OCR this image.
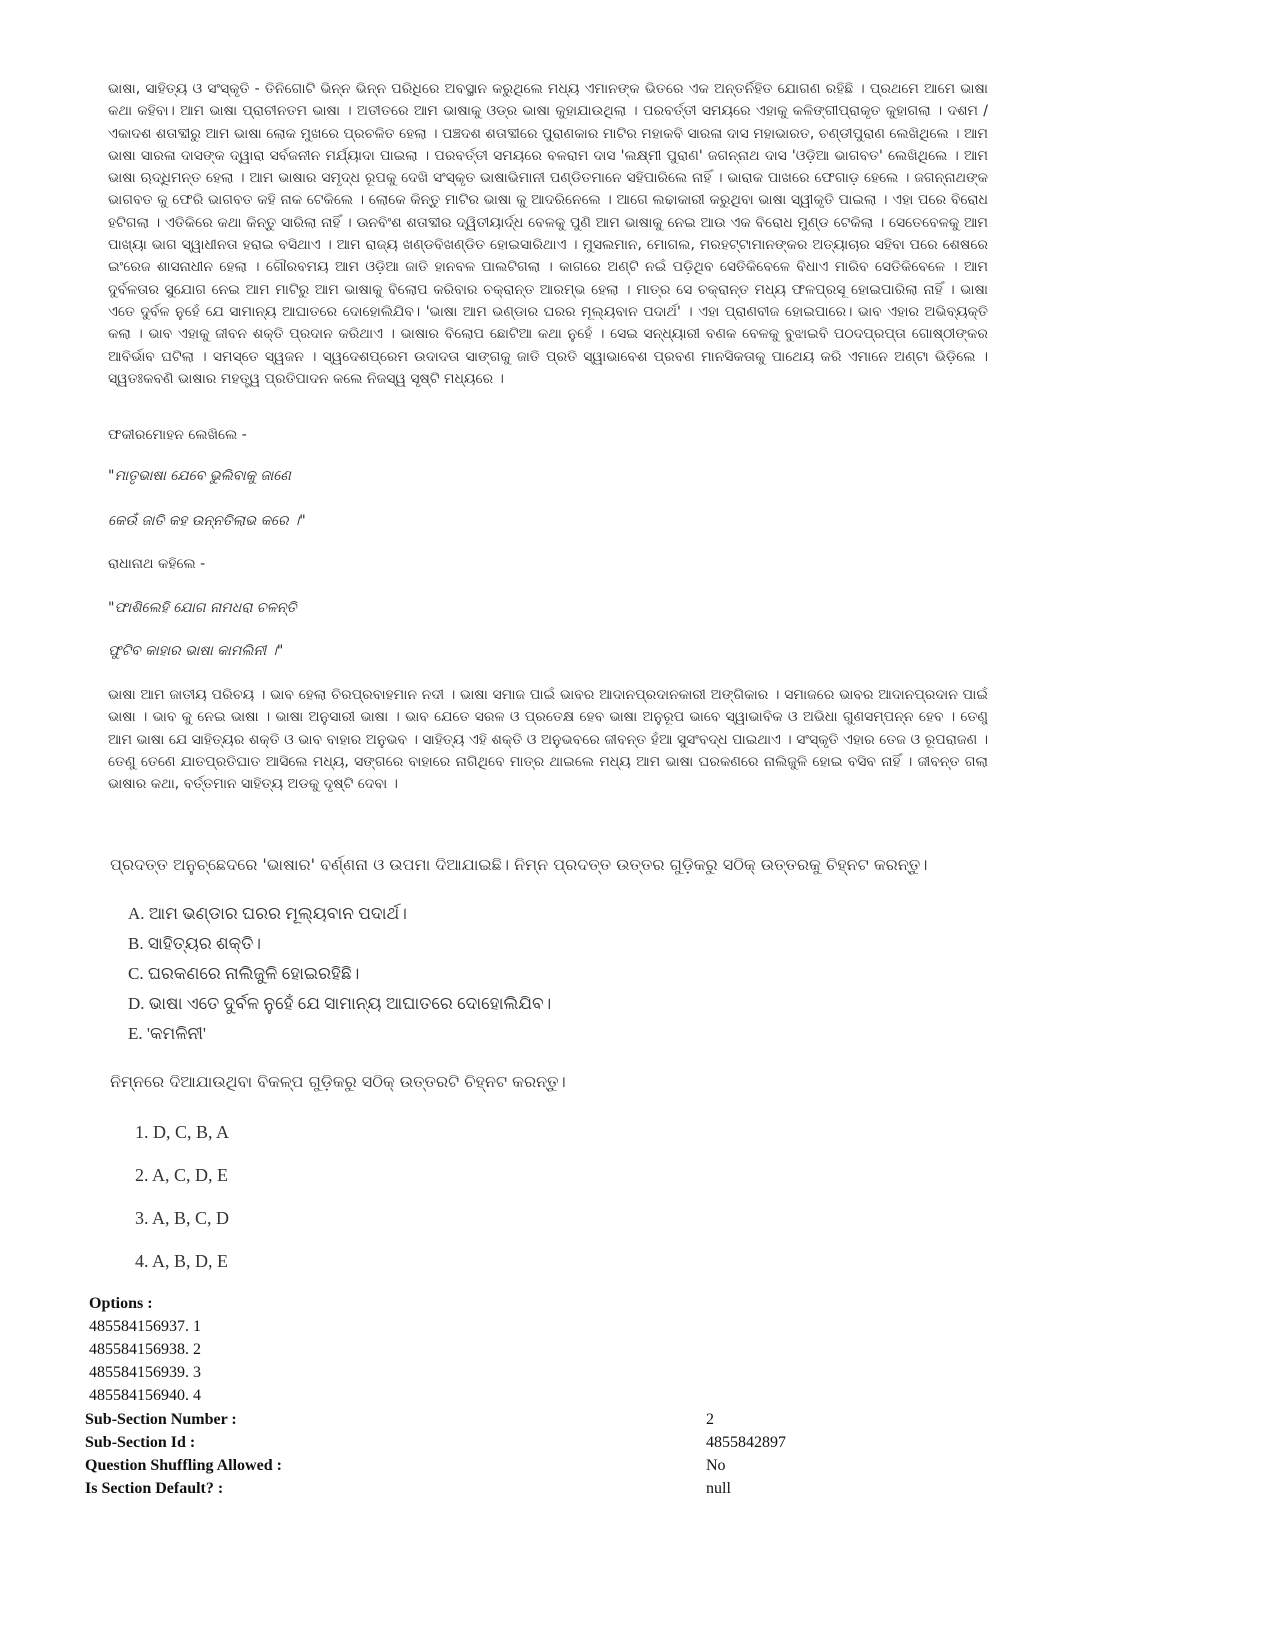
ଭାଷା, ସାହିତ୍ୟ ଓ ସଂସ୍କୃତି - ତିନିଗୋଟି ଭିନ୍ନ ଭିନ୍ନ ପରିଧିରେ ଅବସ୍ଥାନ କରୁଥିଲେ ମଧ୍ୟ ଏମାନଙ୍କ ଭିତରେ ଏକ ଅନ୍ତର୍ନିହିତ ଯୋଗଣ ରହିଛି । ପ୍ରଥମେ ଆମେ ଭାଷା କଥା କହିବା। ଆମ ଭାଷା ପ୍ରାଚୀନତମ ଭାଷା । ଅତୀତରେ ଆମ ଭାଷାକୁ ଓଡ୍ର ଭାଷା କୁହାଯାଉଥିଲା । ପରବର୍ତ୍ତୀ ସମୟରେ ଏହାକୁ କଳିଙ୍ଗୀପ୍ରାକୃତ କୁହାଗଲା । ଦଶମ / ଏକାଦଶ ଶତାବ୍ଦୀରୁ ଆମ ଭାଷା ଲୋକ ମୁଖରେ ପ୍ରଚଳିତ ହେଲା । ପଞ୍ଚଦଶ ଶତାବ୍ଦୀରେ ପୁରାଣକାର ମାଟିର ମହାକବି ସାରଳା ଦାସ ମହାଭାରତ, ଚଣ୍ଡୀପୁରାଣ ଲେଖିଥିଲେ । ଆମ ଭାଷା ସାରଳା ଦାସଙ୍କ ଦ୍ୱାରା ସର୍ବଜନୀନ ମର୍ଯ୍ୟାଦା ପାଇଲା । ପରବର୍ତ୍ତୀ ସମୟରେ ବଳରାମ ଦାସ 'ଲକ୍ଷ୍ମୀ ପୁରାଣ' ଜଗନ୍ନାଥ ଦାସ 'ଓଡ଼ିଆ ଭାଗବତ' ଲେଖିଥିଲେ । ଆମ ଭାଷା ଋଦ୍ଧିମନ୍ତ ହେଲା । ଆମ ଭାଷାର ସମୃଦ୍ଧ ରୂପକୁ ଦେଖି ସଂସ୍କୃତ ଭାଷାଭିମାନୀ ପଣ୍ଡିତମାନେ ସହିପାରିଲେ ନାହିଁ । ଭାରାକ ପାଖରେ ଫେଗାଡ଼ ହେଲେ । ଜଗନ୍ନାଥଙ୍କ ଭାଗବତ କୁ ଫେରି ଭାଗବତ କହି ନାକ ଟେକିଲେ । ଲୋକେ କିନ୍ତୁ ମାଟିର ଭାଷା କୁ ଆଦରିନେଲେ । ଆଗେ ଲଢାକାରୀ କରୁଥିବା ଭାଷା ସ୍ୱୀକୃତି ପାଇଲା । ଏହା ପରେ ବିରୋଧ ହଟିଗଲା । ଏତିକିରେ କଥା କିନ୍ତୁ ସାରିଲା ନାହିଁ । ଊନବିଂଶ ଶତାବ୍ଦୀର ଦ୍ୱିତୀୟାର୍ଦ୍ଧ ବେଳକୁ ପୁଣି ଆମ ଭାଷାକୁ ନେଇ ଆଉ ଏକ ବିରୋଧ ମୁଣ୍ଡ ଟେକିଲା । ସେତେବେଳକୁ ଆମ ପାଖ୍ୟା ଭାଗ ସ୍ୱାଧୀନତା ହରାଇ ବସିଥାଏ । ଆମ ରାଜ୍ୟ ଖଣ୍ଡବିଖଣ୍ଡିତ ହୋଇସାରିଥାଏ । ମୁସଲମାନ, ମୋଗଲ, ମରହଟ୍ଟାମାନଙ୍କର ଅତ୍ୟାଚାର ସହିବା ପରେ ଶେଷରେ ଇଂରେଜ ଶାସନାଧୀନ ହେଲା । ଗୌରବମୟ ଆମ ଓଡ଼ିଆ ଜାତି ହାନବଳ ପାଲଟିଗଲା । କାଗରେ ଅଣ୍ଟି ନଇଁ ପଡ଼ିଥିବ ସେତିକିବେଳେ ବିଧାଏ ମାରିବ ସେତିକିବେଳେ । ଆମ ଦୁର୍ବଳତାର ସୁଯୋଗ ନେଇ ଆମ ମାଟିରୁ ଆମ ଭାଷାକୁ ବିଲୋପ କରିବାର ଚକ୍ରାନ୍ତ ଆରମ୍ଭ ହେଲା । ମାତ୍ର ସେ ଚକ୍ରାନ୍ତ ମଧ୍ୟ ଫଳପ୍ରସୂ ହୋଇପାରିଲା ନାହିଁ । ଭାଷା ଏତେ ଦୁର୍ବଳ ନୁହେଁ ଯେ ସାମାନ୍ୟ ଆଘାତରେ ଦୋହୋଲିଯିବ। 'ଭାଷା ଆମ ଭଣ୍ଡାର ଘରର ମୂଲ୍ୟବାନ ପଦାର୍ଥ' । ଏହା ପ୍ରାଣବୀଜ ହୋଇପାରେ। ଭାବ ଏହାର ଅଭିବ୍ୟକ୍ତି କଲା । ଭାବ ଏହାକୁ ଜୀବନ ଶକ୍ତି ପ୍ରଦାନ କରିଥାଏ । ଭାଷାର ବିଲୋପ ଛୋଟିଆ କଥା ନୁହେଁ । ସେଇ ସନ୍ଧ୍ୟାରୀ ବଣକ ବେଳକୁ ବୁଝାଇବି ପଠଦପ୍ରପ୍ତା ଗୋଷ୍ଠୀଙ୍କର ଆବିର୍ଭାବ ଘଟିଲା । ସମସ୍ତେ ସ୍ୱଜନ । ସ୍ୱଦେଶପ୍ରେମ ଉଦାଦତା ସାଙ୍ଗକୁ ଜାତି ପ୍ରତି ସ୍ୱାଭାବେଶ ପ୍ରବଣ ମାନସିକତାକୁ ପାଥେୟ କରି ଏମାନେ ଅଣ୍ଟା ଭିଡ଼ିଲେ । ସ୍ୱତଃକବଣି ଭାଷାର ମହତ୍ତ୍ୱ ପ୍ରତିପାଦନ କଲେ ନିଜସ୍ୱ ସୃଷ୍ଟି ମଧ୍ୟରେ ।
ଫକୀରମୋହନ ଲେଖିଲେ -
"ମାତୃଭାଷା ଯେବେ ଭୁଲିବାକୁ ଜାଣେ
କେଉଁ ଜାତି କହ ଉନ୍ନତିଲାଭ କରେ ।"
ରାଧାନାଥ କହିଲେ -
"ଫାଶିଲେହି ଯୋଗ ନାମଧରା ଚଳନ୍ତି
ଫୁଟିବ କାହାର ଭାଷା କାମଲିନୀ ।"
ଭାଷା ଆମ ଜାତୀୟ ପରିଚୟ । ଭାବ ହେଲା ଚିରପ୍ରବାହମାନ ନଦୀ । ଭାଷା ସମାଜ ପାଇଁ ଭାବର ଆଦାନପ୍ରଦାନକାରୀ ଅଙ୍ଗିକାର । ସମାଜରେ ଭାବର ଆଦାନପ୍ରଦାନ ପାଇଁ ଭାଷା । ଭାବ କୁ ନେଇ ଭାଷା । ଭାଷା ଅନୁସାରୀ ଭାଷା । ଭାବ ଯେତେ ସରଳ ଓ ପ୍ରତେକ୍ଷ ହେବ ଭାଷା ଅନୁରୂପ ଭାବେ ସ୍ୱାଭାବିକ ଓ ଅଭିଧା ଗୁଣସମ୍ପନ୍ନ ହେବ । ତେଣୁ ଆମ ଭାଷା ଯେ ସାହିତ୍ୟର ଶକ୍ତି ଓ ଭାବ ବାହାର ଅନୁଭବ । ସାହିତ୍ୟ ଏହି ଶକ୍ତି ଓ ଅନୁଭବରେ ଜୀବନ୍ତ ହଁଆ ସୁସଂବଦ୍ଧ ପାଇଥାଏ । ସଂସ୍କୃତି ଏହାର ତେଜ ଓ ରୂପରାଜଣ । ତେଣୁ ତେଣେ ଯାତପ୍ରତିଘାତ ଆସିଲେ ମଧ୍ୟ, ସଙ୍ଗରେ ବାହାରେ ନାଗିଥିବେ ମାତ୍ର ଥାଇଲେ ମଧ୍ୟ ଆମ ଭାଷା ଘରକଣରେ ନାଲିଜୁଳି ହୋଇ ବସିବ ନାହିଁ । ଜୀବନ୍ତ ଗଲା ଭାଷାର କଥା, ବର୍ତ୍ତମାନ ସାହିତ୍ୟ ଅଡକୁ ଦୃଷ୍ଟି ଦେବା ।
ପ୍ରଦତ୍ତ ଅନୁଚ୍ଛେଦରେ 'ଭାଷାର' ବର୍ଣ୍ଣନା ଓ ଉପମା ଦିଆଯାଇଛି। ନିମ୍ନ ପ୍ରଦତ୍ତ ଉତ୍ତର ଗୁଡ଼ିକରୁ ସଠିକ୍ ଉତ୍ତରକୁ ଚିହ୍ନଟ କରନ୍ତୁ।
A. ଆମ ଭଣ୍ଡାର ଘରର ମୂଲ୍ୟବାନ ପଦାର୍ଥ।
B. ସାହିତ୍ୟର ଶକ୍ତି।
C. ଘରକଣରେ ନାଲିଜୁଳି ହୋଇରହିଛି।
D. ଭାଷା ଏତେ ଦୁର୍ବଳ ନୁହେଁ ଯେ ସାମାନ୍ୟ ଆଘାତରେ ଦୋହୋଲିଯିବ।
E. 'କମଳିନୀ'
ନିମ୍ନରେ ଦିଆଯାଉଥିବା ବିକଳ୍ପ ଗୁଡ଼ିକରୁ ସଠିକ୍ ଉତ୍ତରଟି ଚିହ୍ନଟ କରନ୍ତୁ।
1. D, C, B, A
2. A, C, D, E
3. A, B, C, D
4. A, B, D, E
Options :
485584156937. 1
485584156938. 2
485584156939. 3
485584156940. 4
Sub-Section Number :	2
Sub-Section Id :	4855842897
Question Shuffling Allowed :	No
Is Section Default? :	null
